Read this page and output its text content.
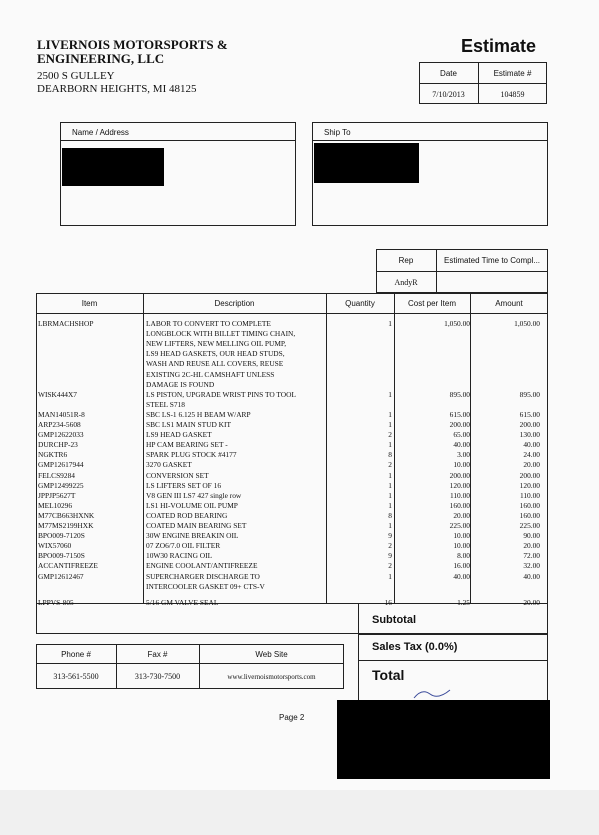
LIVERNOIS MOTORSPORTS &
ENGINEERING, LLC
2500 S GULLEY
DEARBORN HEIGHTS, MI 48125
Estimate
Date	Estimate #
7/10/2013	104859
Name / Address	Ship To
Rep	Estimated Time to Compl...
AndyR
Item	Description	Quantity	Cost per Item	Amount
LBRMACHSHOP	LABOR TO CONVERT TO COMPLETE	1	1,050.00	1,050.00
LONGBLOCK WITH BILLET TIMING CHAIN,
NEW LIFTERS, NEW MELLING OIL PUMP,
LS9 HEAD GASKETS, OUR HEAD STUDS,
WASH AND REUSE ALL COVERS, REUSE
EXISTING 2C-HL CAMSHAFT UNLESS
DAMAGE IS FOUND
WISK444X7	LS PISTON, UPGRADE WRIST PINS TO TOOL	1	895.00	895.00
STEEL S718
MAN14051R-8	SBC LS-1 6.125 H BEAM W/ARP	1	615.00	615.00
ARP234-5608	SBC LS1 MAIN STUD KIT	1	200.00	200.00
GMP12622033	LS9 HEAD GASKET	2	65.00	130.00
DURCHP-23	HP CAM BEARING SET -	1	40.00	40.00
NGKTR6	SPARK PLUG STOCK #4177	8	3.00	24.00
GMP12617944	3270 GASKET	2	10.00	20.00
FELCS9284	CONVERSION SET	1	200.00	200.00
GMP12499225	LS LIFTERS SET OF 16	1	120.00	120.00
JPPJP5627T	V8 GEN III LS7 427 single row	1	110.00	110.00
MEL10296	LS1 HI-VOLUME OIL PUMP	1	160.00	160.00
M77CB663HXNK	COATED ROD BEARING	8	20.00	160.00
M77MS2199HXK	COATED MAIN BEARING SET	1	225.00	225.00
BPO009-7120S	30W ENGINE BREAKIN OIL	9	10.00	90.00
WIX57060	07 ZO6/7.0 OIL FILTER	2	10.00	20.00
BPO009-7150S	10W30 RACING OIL	9	8.00	72.00
ACCANTIFREEZE	ENGINE COOLANT/ANTIFREEZE	2	16.00	32.00
GMP12612467	SUPERCHARGER DISCHARGE TO	1	40.00	40.00
INTERCOOLER GASKET 09+ CTS-V
LPPVS-805	5/16 GM VALVE SEAL	16	1.25	20.00
Subtotal
Sales Tax (0.0%)
Total
Phone #	Fax #	Web Site
313-561-5500	313-730-7500	www.livernoismotorsports.com
Page 2
